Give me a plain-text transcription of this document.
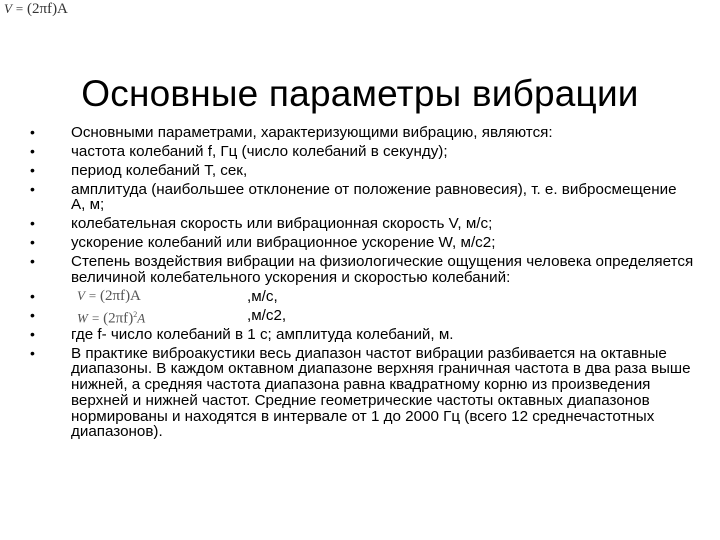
V = (2πf)A
Основные параметры вибрации
• Основными параметрами, характеризующими вибрацию, являются:
• частота колебаний f, Гц (число колебаний в секунду);
• период колебаний Т, сек,
• амплитуда (наибольшее отклонение от положение равновесия), т. е. вибросмещение А, м;
• колебательная скорость или вибрационная скорость V, м/с;
• ускорение колебаний или вибрационное ускорение W, м/с2;
• Степень воздействия вибрации на физиологические ощущения человека определяется величиной колебательного ускорения и скоростью колебаний:
•	V = (2πf)A	,м/с,
•	$W = (2\pi f)^2A$	,м/с2,
• где f- число колебаний в 1 с; амплитуда колебаний, м.
• В практике виброакустики весь диапазон частот вибрации разбивается на октавные диапазоны. В каждом октавном диапазоне верхняя граничная частота в два раза выше нижней, а средняя частота диапазона равна квадратному корню из произведения верхней и нижней частот. Средние геометрические частоты октавных диапазонов нормированы и находятся в интервале от 1 до 2000 Гц (всего 12 среднечастотных диапазонов).
